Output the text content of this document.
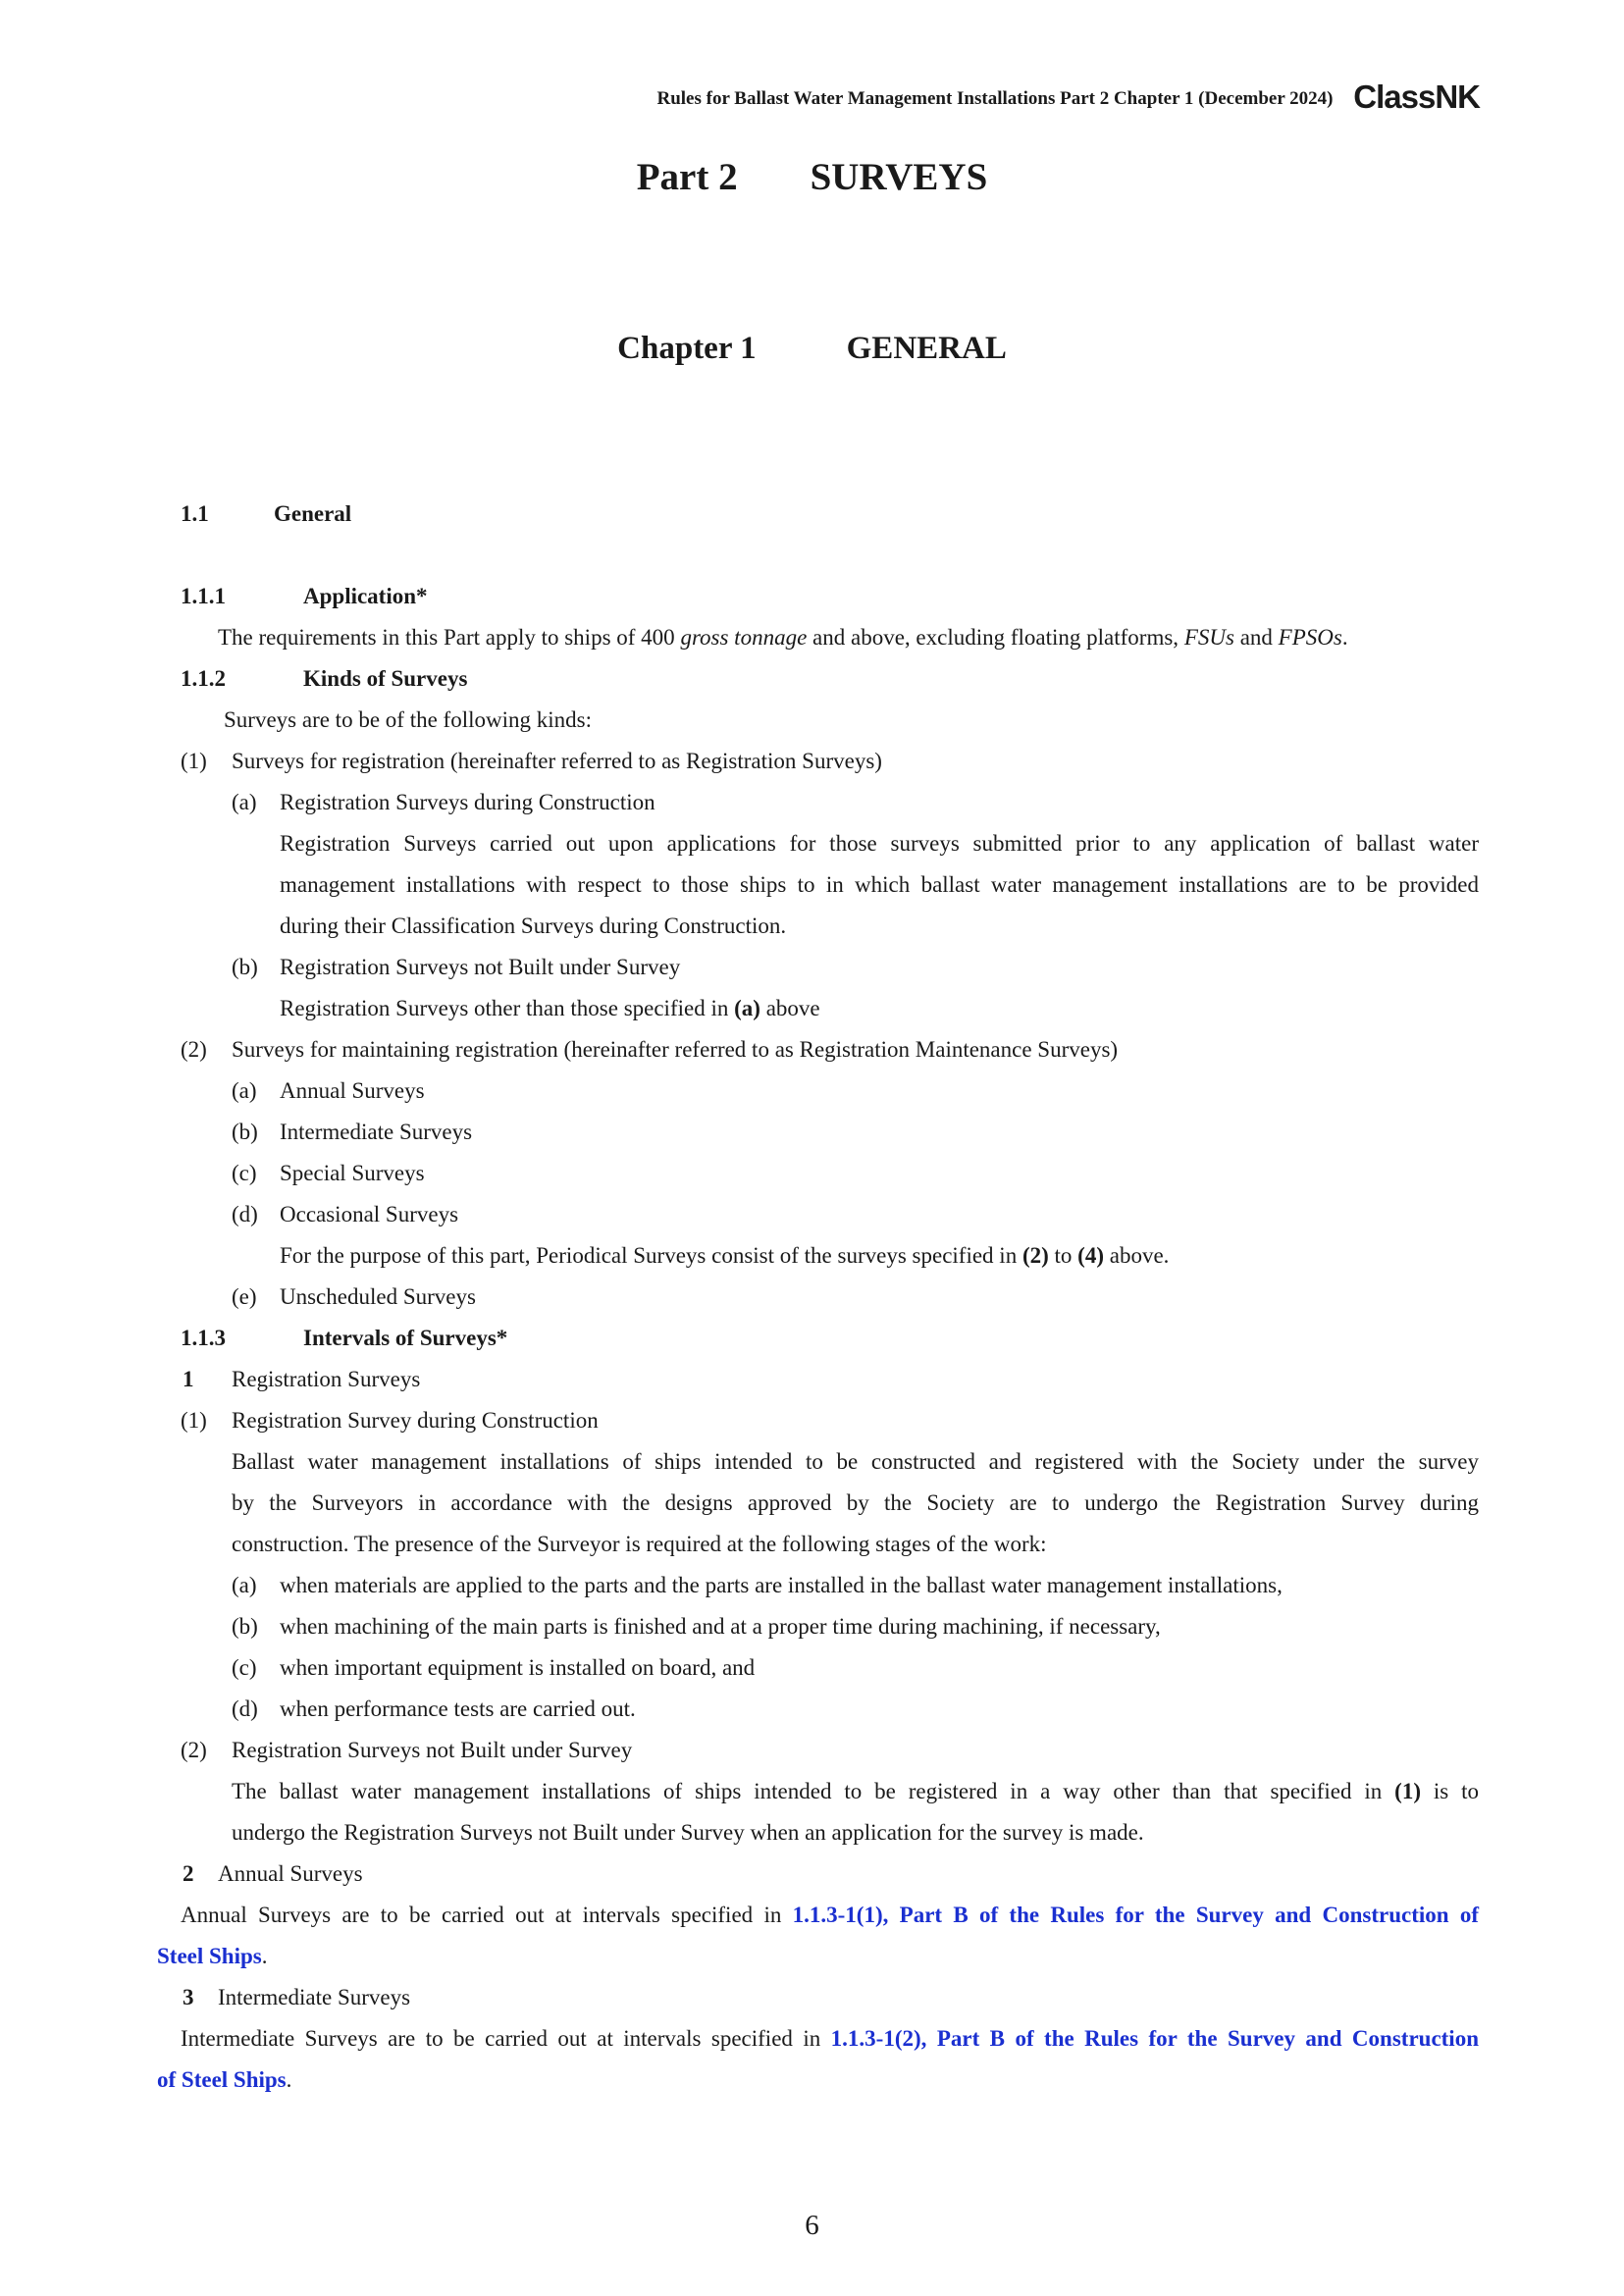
Rules for Ballast Water Management Installations Part 2 Chapter 1 (December 2024) ClassNK
Part 2 SURVEYS
Chapter 1	GENERAL
1.1	General
1.1.1	Application*
The requirements in this Part apply to ships of 400 gross tonnage and above, excluding floating platforms, FSUs and FPSOs.
1.1.2	Kinds of Surveys
Surveys are to be of the following kinds:
(1) Surveys for registration (hereinafter referred to as Registration Surveys)
(a) Registration Surveys during Construction
Registration Surveys carried out upon applications for those surveys submitted prior to any application of ballast water
management installations with respect to those ships to in which ballast water management installations are to be provided
during their Classification Surveys during Construction.
(b) Registration Surveys not Built under Survey
Registration Surveys other than those specified in (a) above
(2) Surveys for maintaining registration (hereinafter referred to as Registration Maintenance Surveys)
(a) Annual Surveys
(b) Intermediate Surveys
(c) Special Surveys
(d) Occasional Surveys
For the purpose of this part, Periodical Surveys consist of the surveys specified in (2) to (4) above.
(e) Unscheduled Surveys
1.1.3	Intervals of Surveys*
1 Registration Surveys
(1) Registration Survey during Construction
Ballast water management installations of ships intended to be constructed and registered with the Society under the survey
by the Surveyors in accordance with the designs approved by the Society are to undergo the Registration Survey during
construction. The presence of the Surveyor is required at the following stages of the work:
(a) when materials are applied to the parts and the parts are installed in the ballast water management installations,
(b) when machining of the main parts is finished and at a proper time during machining, if necessary,
(c) when important equipment is installed on board, and
(d) when performance tests are carried out.
(2) Registration Surveys not Built under Survey
The ballast water management installations of ships intended to be registered in a way other than that specified in (1) is to
undergo the Registration Surveys not Built under Survey when an application for the survey is made.
2 Annual Surveys
Annual Surveys are to be carried out at intervals specified in 1.1.3-1(1), Part B of the Rules for the Survey and Construction of
Steel Ships.
3 Intermediate Surveys
Intermediate Surveys are to be carried out at intervals specified in 1.1.3-1(2), Part B of the Rules for the Survey and Construction
of Steel Ships.
6
